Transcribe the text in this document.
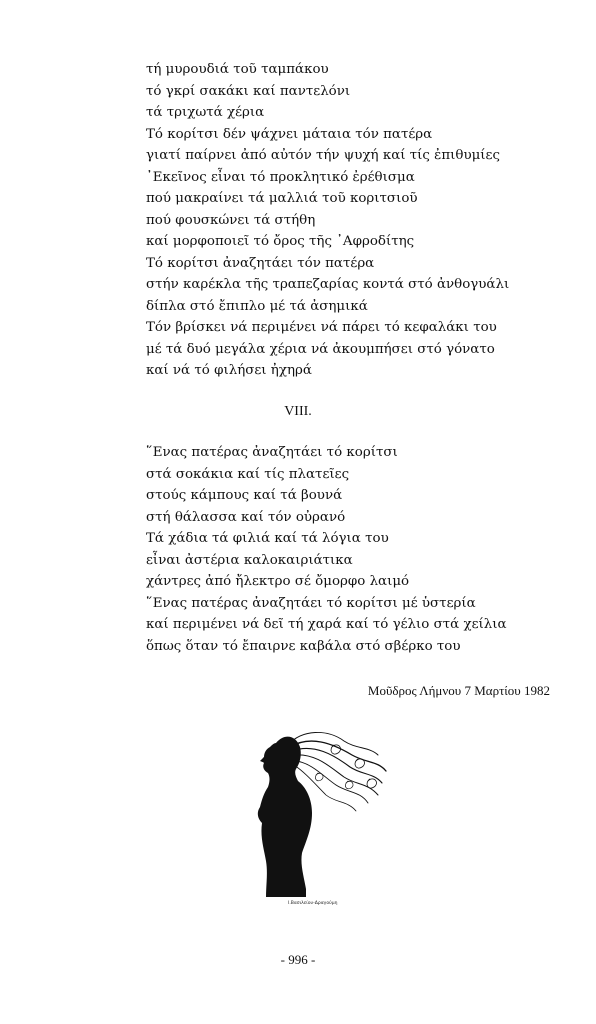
τή μυρουδιά τοῦ ταμπάκου
τό γκρί σακάκι καί παντελόνι
τά τριχωτά χέρια
Τό κορίτσι δέν ψάχνει μάταια τόν πατέρα
γιατί παίρνει ἀπό αὐτόν τήν ψυχή καί τίς ἐπιθυμίες
᾿Εκεῖνος εἶναι τό προκλητικό ἐρέθισμα
πού μακραίνει τά μαλλιά τοῦ κοριτσιοῦ
πού φουσκώνει τά στήθη
καί μορφοποιεῖ τό ὄρος τῆς ᾿Αφροδίτης
Τό κορίτσι ἀναζητάει τόν πατέρα
στήν καρέκλα τῆς τραπεζαρίας κοντά στό ἀνθογυάλι
δίπλα στό ἔπιπλο μέ τά ἀσημικά
Τόν βρίσκει νά περιμένει νά πάρει τό κεφαλάκι του
μέ τά δυό μεγάλα χέρια νά ἀκουμπήσει στό γόνατο
καί νά τό φιλήσει ἠχηρά
VIII.
῞Ενας πατέρας ἀναζητάει τό κορίτσι
στά σοκάκια καί τίς πλατεῖες
στούς κάμπους καί τά βουνά
στή θάλασσα καί τόν οὐρανό
Τά χάδια τά φιλιά καί τά λόγια του
εἶναι ἀστέρια καλοκαιριάτικα
χάντρες ἀπό ἤλεκτρο σέ ὄμορφο λαιμό
῞Ενας πατέρας ἀναζητάει τό κορίτσι μέ ὑστερία
καί περιμένει νά δεῖ τή χαρά καί τό γέλιο στά χείλια
ὅπως ὅταν τό ἔπαιρνε καβάλα στό σβέρκο του
Μοῦδρος Λήμνου 7 Μαρτίου 1982
Ι.Βασιλείου-Δραγούμη
- 996 -
